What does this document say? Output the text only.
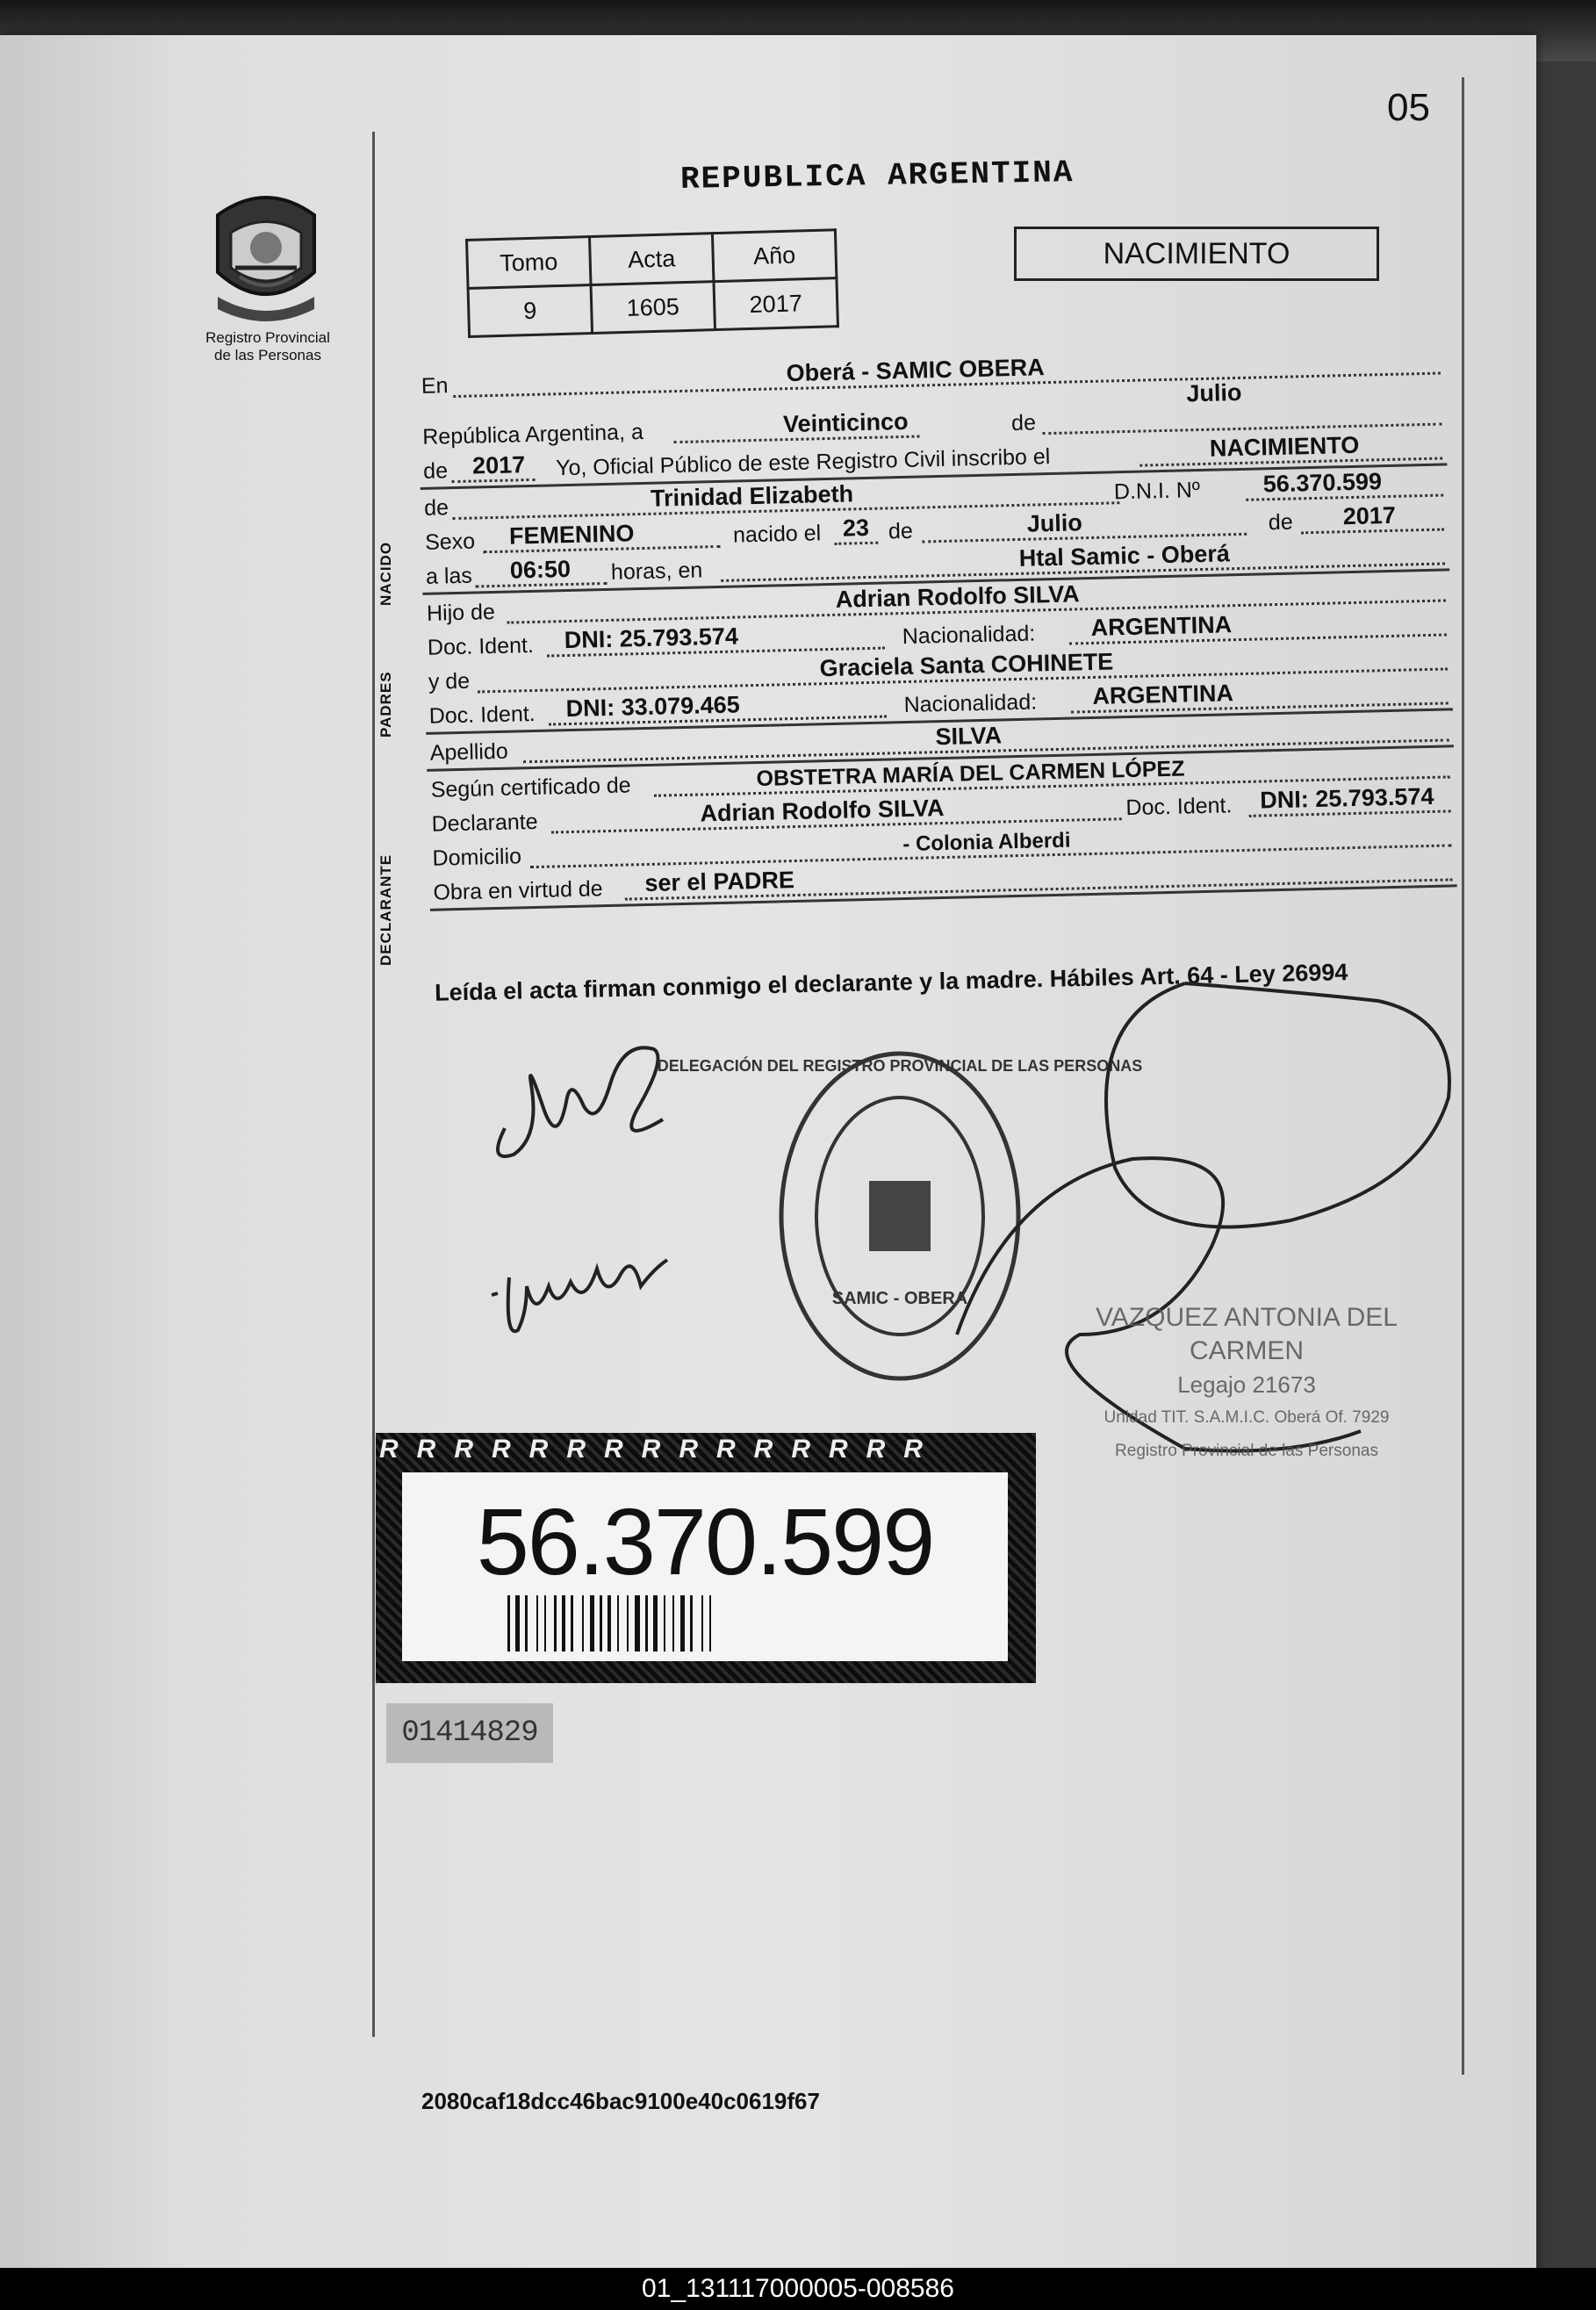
05
Registro Provincial
de las Personas
REPUBLICA ARGENTINA
Tomo	Acta	Año
9	1605	2017
NACIMIENTO
En	Oberá - SAMIC OBERA
Julio
República Argentina, a	Veinticinco	de
de 2017 Yo, Oficial Público de este Registro Civil inscribo el	NACIMIENTO
de	Trinidad Elizabeth	D.N.I. Nº	56.370.599
Sexo FEMENINO	nacido el 23 de	Julio	de 2017
a las 06:50 horas, en	Htal Samic - Oberá
Hijo de
Adrian Rodolfo SILVA
Doc. Ident. DNI: 25.793.574	Nacionalidad: ARGENTINA
y de	Graciela Santa COHINETE
Doc. Ident. DNI: 33.079.465	Nacionalidad: ARGENTINA
Apellido
SILVA
Según certificado de	OBSTETRA MARÍA DEL CARMEN LÓPEZ
Declarante	Adrian Rodolfo SILVA	Doc. Ident. DNI: 25.793.574
Domicilio
- Colonia Alberdi
Obra en virtud de ser el PADRE
NACIDO
PADRES
DECLARANTE
Leída el acta firman conmigo el declarante y la madre. Hábiles Art. 64 - Ley 26994
DELEGACIÓN DEL REGISTRO PROVINCIAL DE LAS PERSONAS
SAMIC - OBERA
VAZQUEZ ANTONIA DEL CARMEN
Legajo 21673
Unidad TIT. S.A.M.I.C. Oberá Of. 7929
Registro Provincial de las Personas
RRRRRRRRRRRRRRR
56.370.599
01414829
2080caf18dcc46bac9100e40c0619f67
01_131117000005-008586
